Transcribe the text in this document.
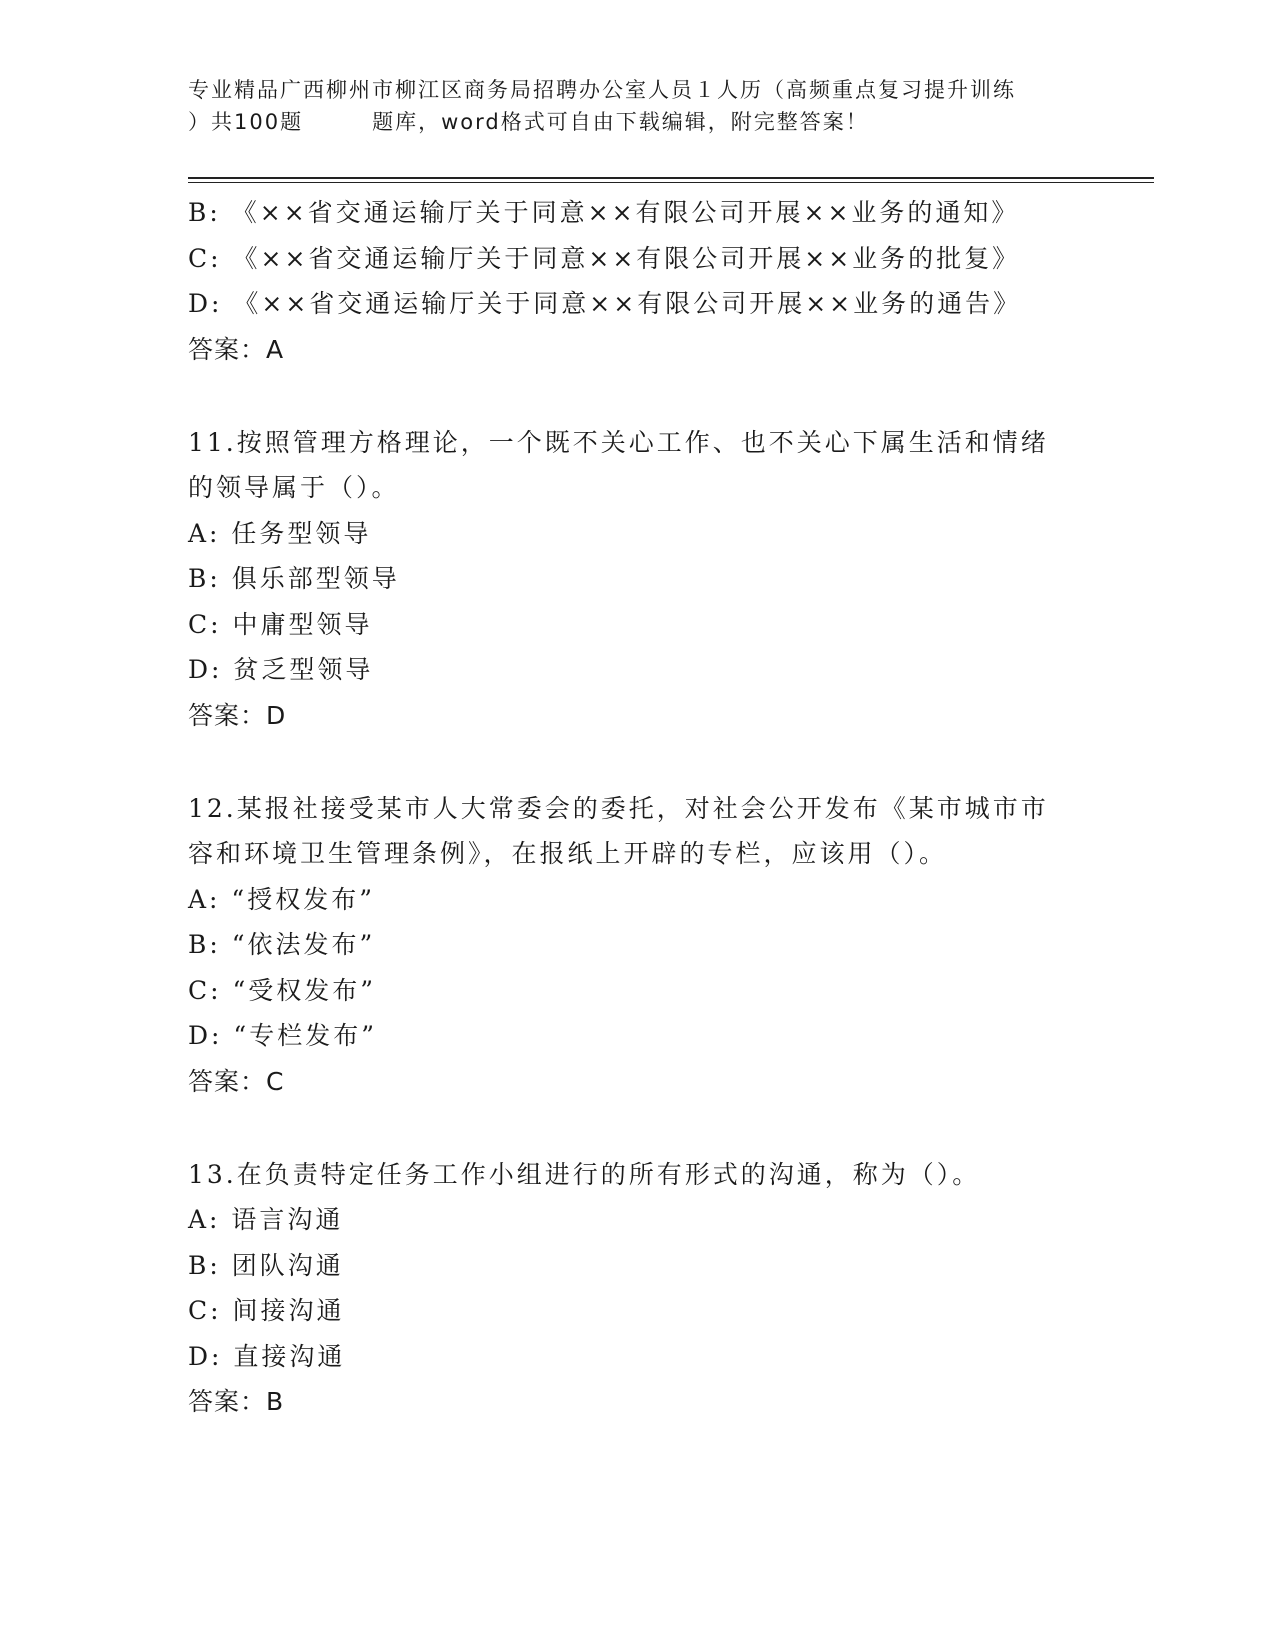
专业精品广西柳州市柳江区商务局招聘办公室人员１人历（高频重点复习提升训练
）共100题　　　题库，word格式可自由下载编辑，附完整答案！
B: 《××省交通运输厅关于同意××有限公司开展××业务的通知》
C: 《××省交通运输厅关于同意××有限公司开展××业务的批复》
D: 《××省交通运输厅关于同意××有限公司开展××业务的通告》
答案：A
11.按照管理方格理论，一个既不关心工作、也不关心下属生活和情绪
的领导属于（）。
A: 任务型领导
B: 俱乐部型领导
C: 中庸型领导
D: 贫乏型领导
答案：D
12.某报社接受某市人大常委会的委托，对社会公开发布《某市城市市
容和环境卫生管理条例》，在报纸上开辟的专栏，应该用（）。
A: “授权发布”
B: “依法发布”
C: “受权发布”
D: “专栏发布”
答案：C
13.在负责特定任务工作小组进行的所有形式的沟通，称为（）。
A: 语言沟通
B: 团队沟通
C: 间接沟通
D: 直接沟通
答案：B
